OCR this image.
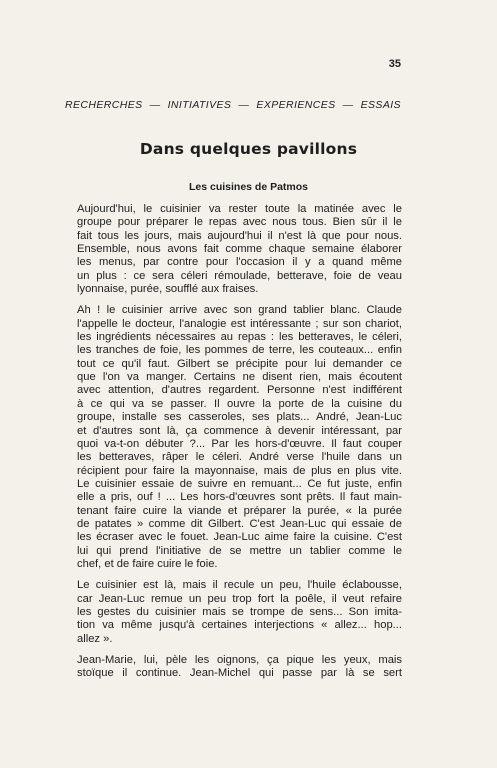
35
RECHERCHES — INITIATIVES — EXPERIENCES — ESSAIS
Dans quelques pavillons
Les cuisines de Patmos

Aujourd'hui, le cuisinier va rester toute la matinée avec le
groupe pour préparer le repas avec nous tous. Bien sûr il le
fait tous les jours, mais aujourd'hui il n'est là que pour nous.
Ensemble, nous avons fait comme chaque semaine élaborer
les menus, par contre pour l'occasion il y a quand même
un plus : ce sera céleri rémoulade, betterave, foie de veau
lyonnaise, purée, soufflé aux fraises.

Ah ! le cuisinier arrive avec son grand tablier blanc. Claude
l'appelle le docteur, l'analogie est intéressante ; sur son chariot,
les ingrédients nécessaires au repas : les betteraves, le céleri,
les tranches de foie, les pommes de terre, les couteaux... enfin
tout ce qu'il faut. Gilbert se précipite pour lui demander ce
que l'on va manger. Certains ne disent rien, mais écoutent
avec attention, d'autres regardent. Personne n'est indifférent
à ce qui va se passer. Il ouvre la porte de la cuisine du
groupe, installe ses casseroles, ses plats... André, Jean-Luc
et d'autres sont là, ça commence à devenir intéressant, par
quoi va-t-on débuter ?... Par les hors-d'œuvre. Il faut couper
les betteraves, râper le céleri. André verse l'huile dans un
récipient pour faire la mayonnaise, mais de plus en plus vite.
Le cuisinier essaie de suivre en remuant... Ce fut juste, enfin
elle a pris, ouf ! ... Les hors-d'œuvres sont prêts. Il faut main-
tenant faire cuire la viande et préparer la purée, « la purée
de patates » comme dit Gilbert. C'est Jean-Luc qui essaie de
les écraser avec le fouet. Jean-Luc aime faire la cuisine. C'est
lui qui prend l'initiative de se mettre un tablier comme le
chef, et de faire cuire le foie.

Le cuisinier est là, mais il recule un peu, l'huile éclabousse,
car Jean-Luc remue un peu trop fort la poêle, il veut refaire
les gestes du cuisinier mais se trompe de sens... Son imita-
tion va même jusqu'à certaines interjections « allez... hop...
allez ».

Jean-Marie, lui, pèle les oignons, ça pique les yeux, mais
stoïque il continue. Jean-Michel qui passe par là se sert
